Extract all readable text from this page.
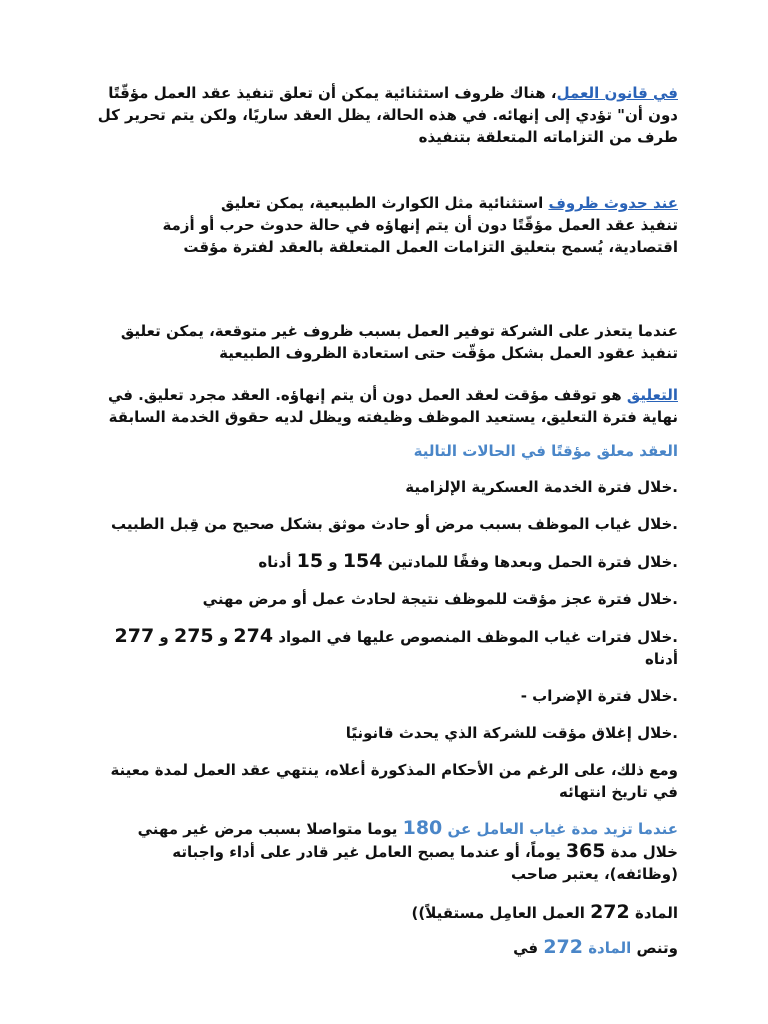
في قانون العمل، هناك ظروف استثنائية يمكن أن تعلق تنفيذ عقد العمل مؤقّتًا دون أن" تؤدي إلى إنهائه. في هذه الحالة، يظل العقد ساريًا، ولكن يتم تحرير كل طرف من التزاماته المتعلقة بتنفيذه

عند حدوث ظروف استثنائية مثل الكوارث الطبيعية، يمكن تعليق
تنفيذ عقد العمل مؤقّتًا دون أن يتم إنهاؤه في حالة حدوث حرب أو أزمة اقتصادية، يُسمح بتعليق التزامات العمل المتعلقة بالعقد لفترة مؤقت

عندما يتعذر على الشركة توفير العمل بسبب ظروف غير متوقعة، يمكن تعليق تنفيذ عقود العمل بشكل مؤقّت حتى استعادة الظروف الطبيعية

التعليق هو توقف مؤقت لعقد العمل دون أن يتم إنهاؤه. العقد مجرد تعليق. في نهاية فترة التعليق، يستعيد الموظف وظيفته ويظل لديه حقوق الخدمة السابقة

العقد معلق مؤقتًا في الحالات التالية

.خلال فترة الخدمة العسكرية الإلزامية

.خلال غياب الموظف بسبب مرض أو حادث موثق بشكل صحيح من قِبل الطبيب

.خلال فترة الحمل وبعدها وفقًا للمادتين 154 و 15 أدناه

.خلال فترة عجز مؤقت للموظف نتيجة لحادث عمل أو مرض مهني

.خلال فترات غياب الموظف المنصوص عليها في المواد 274 و 275 و 277 أدناه

.خلال فترة الإضراب -

.خلال إغلاق مؤقت للشركة الذي يحدث قانونيًا

ومع ذلك، على الرغم من الأحكام المذكورة أعلاه، ينتهي عقد العمل لمدة معينة في تاريخ انتهائه

عندما تزيد مدة غياب العامل عن 180 يوما متواصلا بسبب مرض غير مهني خلال مدة 365 يوماً، أو عندما يصبح العامل غير قادر على أداء واجباته (وظائفه)، يعتبر صاحب

المادة 272 العمل العامِل مستقيلاً))

وتنص المادة 272 في
